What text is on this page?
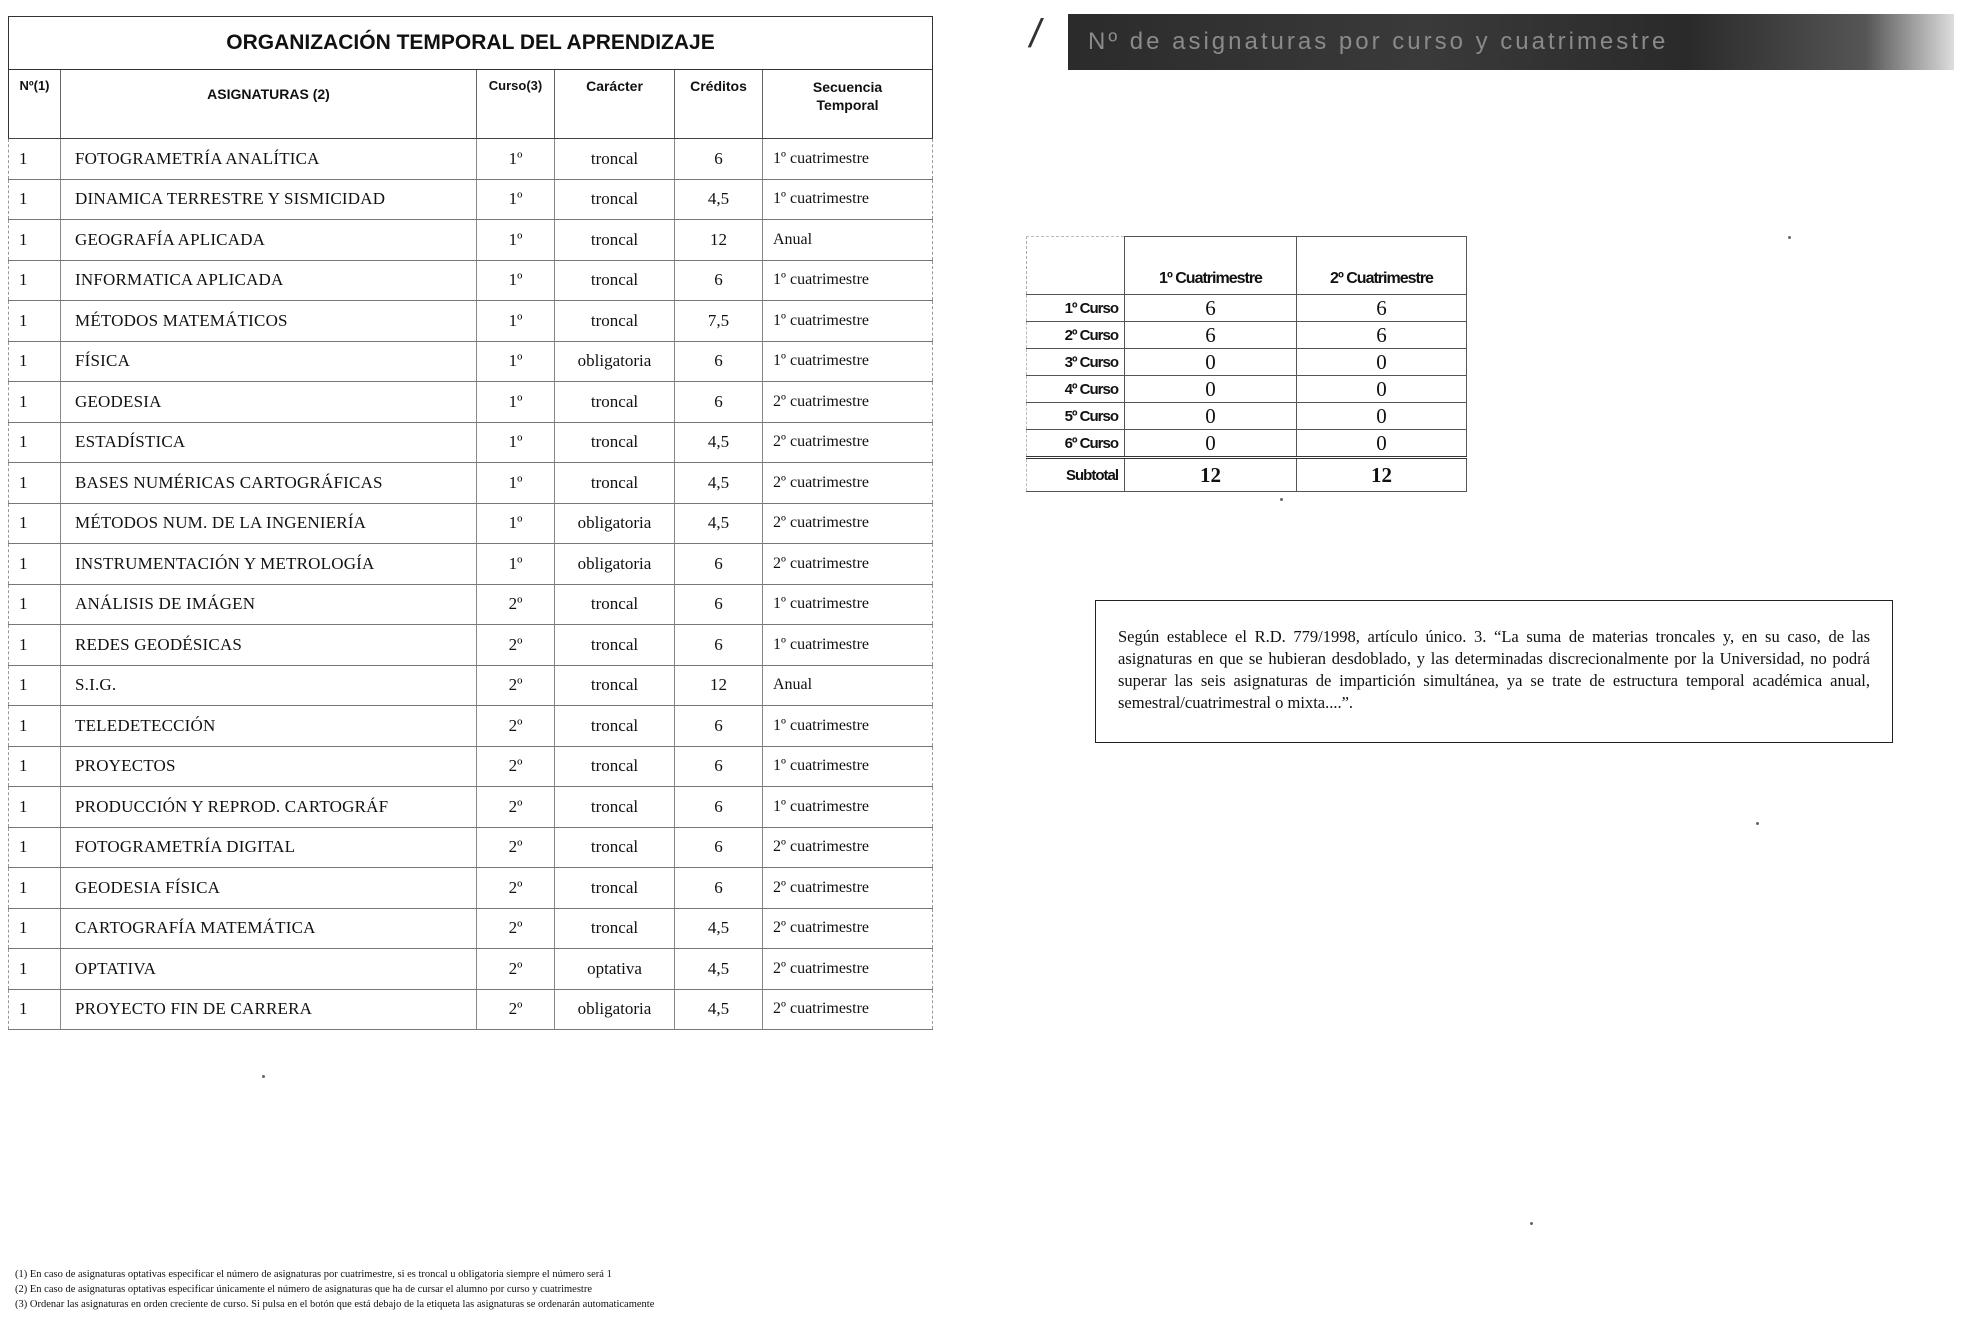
ORGANIZACIÓN TEMPORAL DEL APRENDIZAJE					
Nº(1)	ASIGNATURAS (2)	Curso(3)	Carácter	Créditos	Secuencia Temporal
1	FOTOGRAMETRÍA ANALÍTICA	1º	troncal	6	1º cuatrimestre
1	DINAMICA TERRESTRE Y SISMICIDAD	1º	troncal	4,5	1º cuatrimestre
1	GEOGRAFÍA APLICADA	1º	troncal	12	Anual
1	INFORMATICA APLICADA	1º	troncal	6	1º cuatrimestre
1	MÉTODOS MATEMÁTICOS	1º	troncal	7,5	1º cuatrimestre
1	FÍSICA	1º	obligatoria	6	1º cuatrimestre
1	GEODESIA	1º	troncal	6	2º cuatrimestre
1	ESTADÍSTICA	1º	troncal	4,5	2º cuatrimestre
1	BASES NUMÉRICAS CARTOGRÁFICAS	1º	troncal	4,5	2º cuatrimestre
1	MÉTODOS NUM. DE LA INGENIERÍA	1º	obligatoria	4,5	2º cuatrimestre
1	INSTRUMENTACIÓN Y METROLOGÍA	1º	obligatoria	6	2º cuatrimestre
1	ANÁLISIS DE IMÁGEN	2º	troncal	6	1º cuatrimestre
1	REDES GEODÉSICAS	2º	troncal	6	1º cuatrimestre
1	S.I.G.	2º	troncal	12	Anual
1	TELEDETECCIÓN	2º	troncal	6	1º cuatrimestre
1	PROYECTOS	2º	troncal	6	1º cuatrimestre
1	PRODUCCIÓN Y REPROD. CARTOGRÁF	2º	troncal	6	1º cuatrimestre
1	FOTOGRAMETRÍA DIGITAL	2º	troncal	6	2º cuatrimestre
1	GEODESIA FÍSICA	2º	troncal	6	2º cuatrimestre
1	CARTOGRAFÍA MATEMÁTICA	2º	troncal	4,5	2º cuatrimestre
1	OPTATIVA	2º	optativa	4,5	2º cuatrimestre
1	PROYECTO FIN DE CARRERA	2º	obligatoria	4,5	2º cuatrimestre
/	Nº de asignaturas por curso y cuatrimestre
	1º Cuatrimestre	2º Cuatrimestre
1º Curso	6	6
2º Curso	6	6
3º Curso	0	0
4º Curso	0	0
5º Curso	0	0
6º Curso	0	0
Subtotal	12	12
Según establece el R.D. 779/1998, artículo único. 3. “La suma de materias troncales y, en su caso, de las asignaturas en que se hubieran desdoblado, y las determinadas discrecionalmente por la Universidad, no podrá superar las seis asignaturas de impartición simultánea, ya se trate de estructura temporal académica anual, semestral/cuatrimestral o mixta....”.
(1) En caso de asignaturas optativas especificar el número de asignaturas por cuatrimestre, si es troncal u obligatoria siempre el número será 1
(2) En caso de asignaturas optativas especificar únicamente el número de asignaturas que ha de cursar el alumno por curso y cuatrimestre
(3) Ordenar las asignaturas en orden creciente de curso. Si pulsa en el botón que está debajo de la etiqueta las asignaturas se ordenarán automaticamente
